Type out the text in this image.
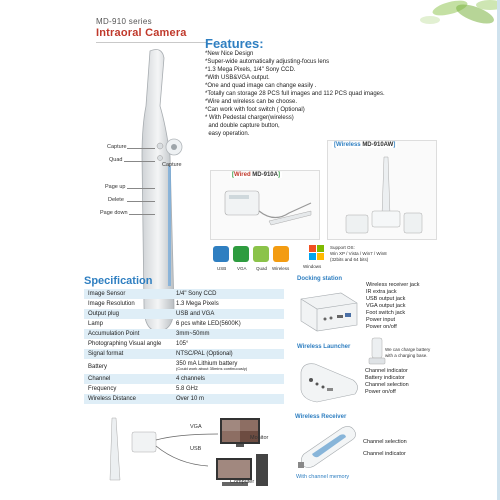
MD-910 series
Intraoral Camera
Features:
*New Nice Design
*Super-wide automatically adjusting-focus lens
*1.3 Mega Pixels, 1/4" Sony CCD.
*With USB&VGA output.
*One and quad image can change easily .
*Totally can storage 28 PCS full images and 112 PCS quad images.
*Wire and wireless can be choose.
*Can work with foot switch ( Optional)
* With Pedestal charger(wireless)
and double capture button,
easy operation.
Capture
Quad
Capture
Page up
Delete
Page down
[Wired MD-910A]
[Wireless MD-910AW]
USB VGA Quad Wireless	Windows
Support OS:
Win XP / Vista / Win7 / Win8
(32bits and 64 bits)
Specification
Image Sensor	1/4" Sony CCD
Image Resolution	1.3 Mega Pixels
Output plug	USB and VGA
Lamp	6 pcs white LED(5600K)
Accumulation Point	3mm~50mm
Photographing Visual angle	105°
Signal format	NTSC/PAL (Optional)
Battery	350 mA Lithium battery
(Could work about 35mins continuously)

Channel	4 channels
Frequency	5.8 GHz
Wireless Distance	Over 10 m
Docking station
Wireless receiver jack
IR extra jack
USB output jack
VGA output jack
Foot switch jack
Power input
Power on/off
Wireless Launcher	We can charge battery with a charging base.
Channel indicator
Battery indicator
Channel selection
Power on/off
Wireless Receiver
Channel selection
Channel indicator
With channel memory
VGA
USB
Monitor
Computer
